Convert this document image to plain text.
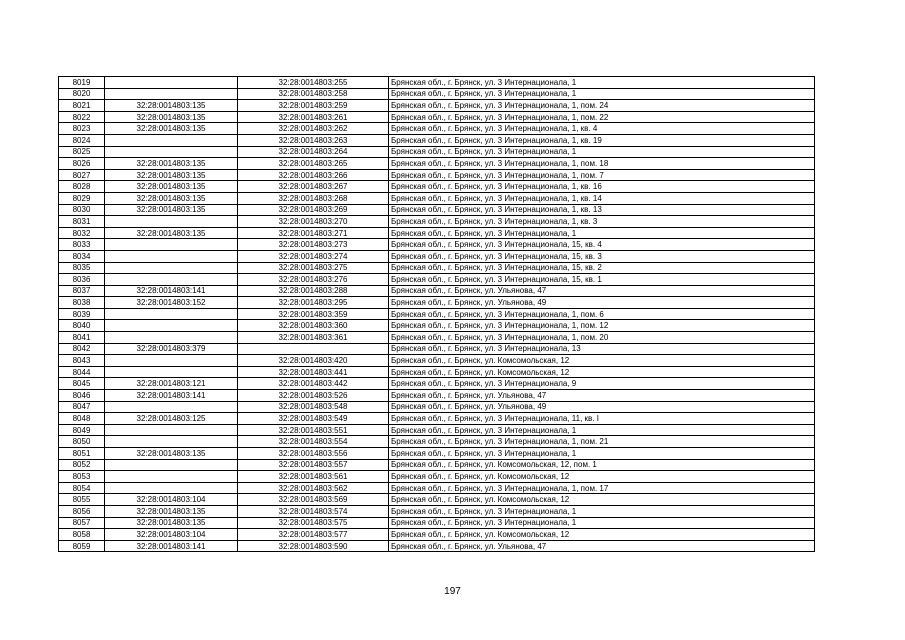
8019		32:28:0014803:255	Брянская обл., г. Брянск, ул. 3 Интернационала, 1
8020		32:28:0014803:258	Брянская обл., г. Брянск, ул. 3 Интернационала, 1
8021	32:28:0014803:135	32:28:0014803:259	Брянская обл., г. Брянск, ул. 3 Интернационала, 1, пом. 24
8022	32:28:0014803:135	32:28:0014803:261	Брянская обл., г. Брянск, ул. 3 Интернационала, 1, пом. 22
8023	32:28:0014803:135	32:28:0014803:262	Брянская обл., г. Брянск, ул. 3 Интернационала, 1, кв. 4
8024		32:28:0014803:263	Брянская обл., г. Брянск, ул. 3 Интернационала, 1, кв. 19
8025		32:28:0014803:264	Брянская обл., г. Брянск, ул. 3 Интернационала, 1
8026	32:28:0014803:135	32:28:0014803:265	Брянская обл., г. Брянск, ул. 3 Интернационала, 1, пом. 18
8027	32:28:0014803:135	32:28:0014803:266	Брянская обл., г. Брянск, ул. 3 Интернационала, 1, пом. 7
8028	32:28:0014803:135	32:28:0014803:267	Брянская обл., г. Брянск, ул. 3 Интернационала, 1, кв. 16
8029	32:28:0014803:135	32:28:0014803:268	Брянская обл., г. Брянск, ул. 3 Интернационала, 1, кв. 14
8030	32:28:0014803:135	32:28:0014803:269	Брянская обл., г. Брянск, ул. 3 Интернационала, 1, кв. 13
8031		32:28:0014803:270	Брянская обл., г. Брянск, ул. 3 Интернационала, 1, кв. 3
8032	32:28:0014803:135	32:28:0014803:271	Брянская обл., г. Брянск, ул. 3 Интернационала, 1
8033		32:28:0014803:273	Брянская обл., г. Брянск, ул. 3 Интернационала, 15, кв. 4
8034		32:28:0014803:274	Брянская обл., г. Брянск, ул. 3 Интернационала, 15, кв. 3
8035		32:28:0014803:275	Брянская обл., г. Брянск, ул. 3 Интернационала, 15, кв. 2
8036		32:28:0014803:276	Брянская обл., г. Брянск, ул. 3 Интернационала, 15, кв. 1
8037	32:28:0014803:141	32:28:0014803:288	Брянская обл., г. Брянск, ул. Ульянова, 47
8038	32:28:0014803:152	32:28:0014803:295	Брянская обл., г. Брянск, ул. Ульянова, 49
8039		32:28:0014803:359	Брянская обл., г. Брянск, ул. 3 Интернационала, 1, пом. 6
8040		32:28:0014803:360	Брянская обл., г. Брянск, ул. 3 Интернационала, 1, пом. 12
8041		32:28:0014803:361	Брянская обл., г. Брянск, ул. 3 Интернационала, 1, пом. 20
8042	32:28:0014803:379		Брянская обл., г. Брянск, ул. 3 Интернационала, 13
8043		32:28:0014803:420	Брянская обл., г. Брянск, ул. Комсомольская, 12
8044		32:28:0014803:441	Брянская обл., г. Брянск, ул. Комсомольская, 12
8045	32:28:0014803:121	32:28:0014803:442	Брянская обл., г. Брянск, ул. 3 Интернационала, 9
8046	32:28:0014803:141	32:28:0014803:526	Брянская обл., г. Брянск, ул. Ульянова, 47
8047		32:28:0014803:548	Брянская обл., г. Брянск, ул. Ульянова, 49
8048	32:28:0014803:125	32:28:0014803:549	Брянская обл., г. Брянск, ул. 3 Интернационала, 11, кв. I
8049		32:28:0014803:551	Брянская обл., г. Брянск, ул. 3 Интернационала, 1
8050		32:28:0014803:554	Брянская обл., г. Брянск, ул. 3 Интернационала, 1, пом. 21
8051	32:28:0014803:135	32:28:0014803:556	Брянская обл., г. Брянск, ул. 3 Интернационала, 1
8052		32:28:0014803:557	Брянская обл., г. Брянск, ул. Комсомольская, 12, пом. 1
8053		32:28:0014803:561	Брянская обл., г. Брянск, ул. Комсомольская, 12
8054		32:28:0014803:562	Брянская обл., г. Брянск, ул. 3 Интернационала, 1, пом. 17
8055	32:28:0014803:104	32:28:0014803:569	Брянская обл., г. Брянск, ул. Комсомольская, 12
8056	32:28:0014803:135	32:28:0014803:574	Брянская обл., г. Брянск, ул. 3 Интернационала, 1
8057	32:28:0014803:135	32:28:0014803:575	Брянская обл., г. Брянск, ул. 3 Интернационала, 1
8058	32:28:0014803:104	32:28:0014803:577	Брянская обл., г. Брянск, ул. Комсомольская, 12
8059	32:28:0014803:141	32:28:0014803:590	Брянская обл., г. Брянск, ул. Ульянова, 47
197
